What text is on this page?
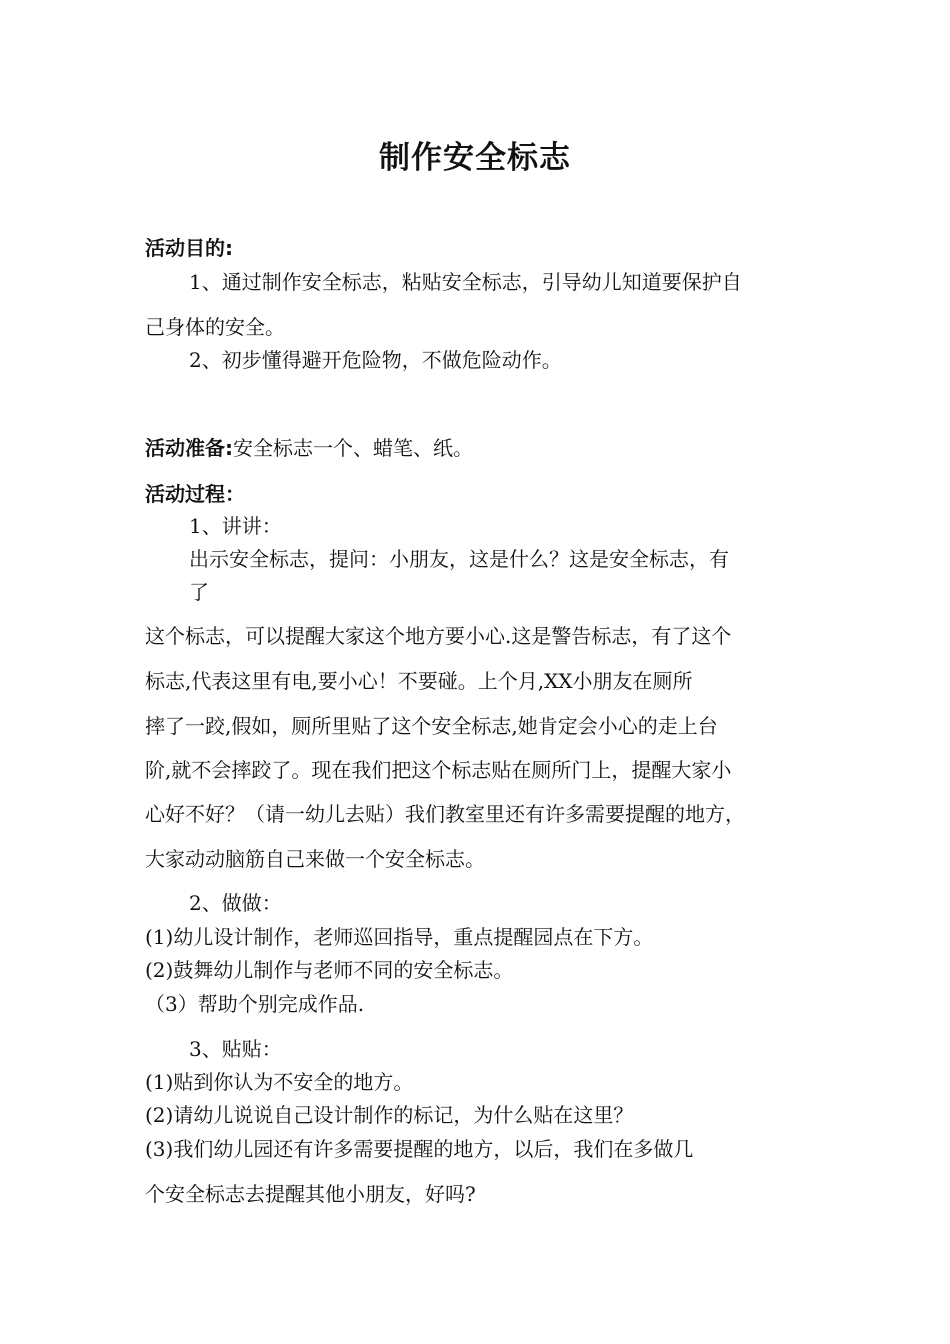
制作安全标志
活动目的:
1、通过制作安全标志，粘贴安全标志，引导幼儿知道要保护自
己身体的安全。
2、初步懂得避开危险物，不做危险动作。
活动准备:安全标志一个、蜡笔、纸。
活动过程：
1、讲讲：
出示安全标志，提问：小朋友，这是什么？这是安全标志，有
了
这个标志，可以提醒大家这个地方要小心.这是警告标志，有了这个
标志,代表这里有电,要小心！不要碰。上个月,XX小朋友在厕所
摔了一跤,假如，厕所里贴了这个安全标志,她肯定会小心的走上台
阶,就不会摔跤了。现在我们把这个标志贴在厕所门上，提醒大家小
心好不好？（请一幼儿去贴）我们教室里还有许多需要提醒的地方，
大家动动脑筋自己来做一个安全标志。
2、做做：
(1)幼儿设计制作，老师巡回指导，重点提醒园点在下方。
(2)鼓舞幼儿制作与老师不同的安全标志。
（3）帮助个别完成作品.
3、贴贴：
(1)贴到你认为不安全的地方。
(2)请幼儿说说自己设计制作的标记，为什么贴在这里？
(3)我们幼儿园还有许多需要提醒的地方，以后，我们在多做几
个安全标志去提醒其他小朋友，好吗?
